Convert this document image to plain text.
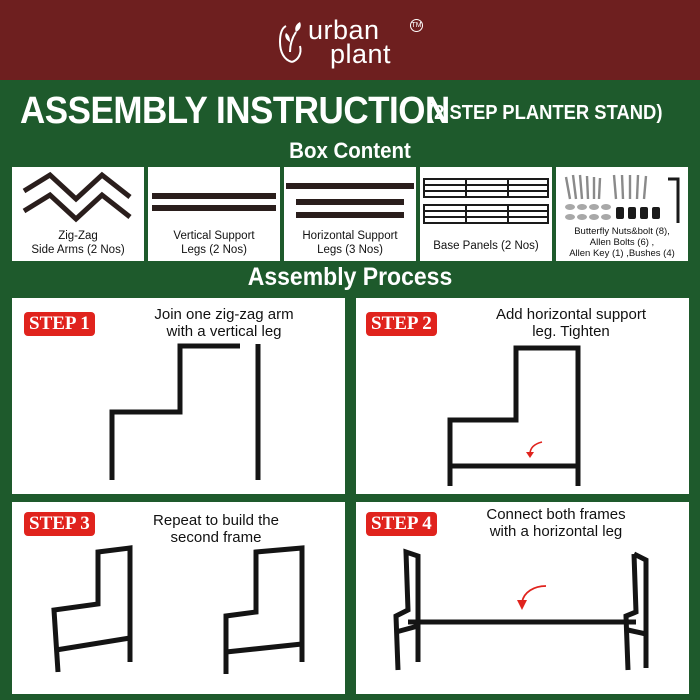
urban
plant
TM
ASSEMBLY INSTRUCTION
(2 STEP PLANTER STAND)
Box Content
Zig-Zag
Side Arms (2 Nos)
Vertical Support
Legs (2 Nos)
Horizontal Support
Legs (3 Nos)	Base Panels (2 Nos)
Butterfly Nuts&bolt (8),
Allen Bolts (6) ,
Allen Key (1) ,Bushes (4)
Assembly Process
STEP 1	Join one zig-zag arm
with a vertical leg	STEP 2	Add horizontal support
leg. Tighten
STEP 3	Repeat to build the
second frame
STEP 4	Connect both frames
with a horizontal leg
